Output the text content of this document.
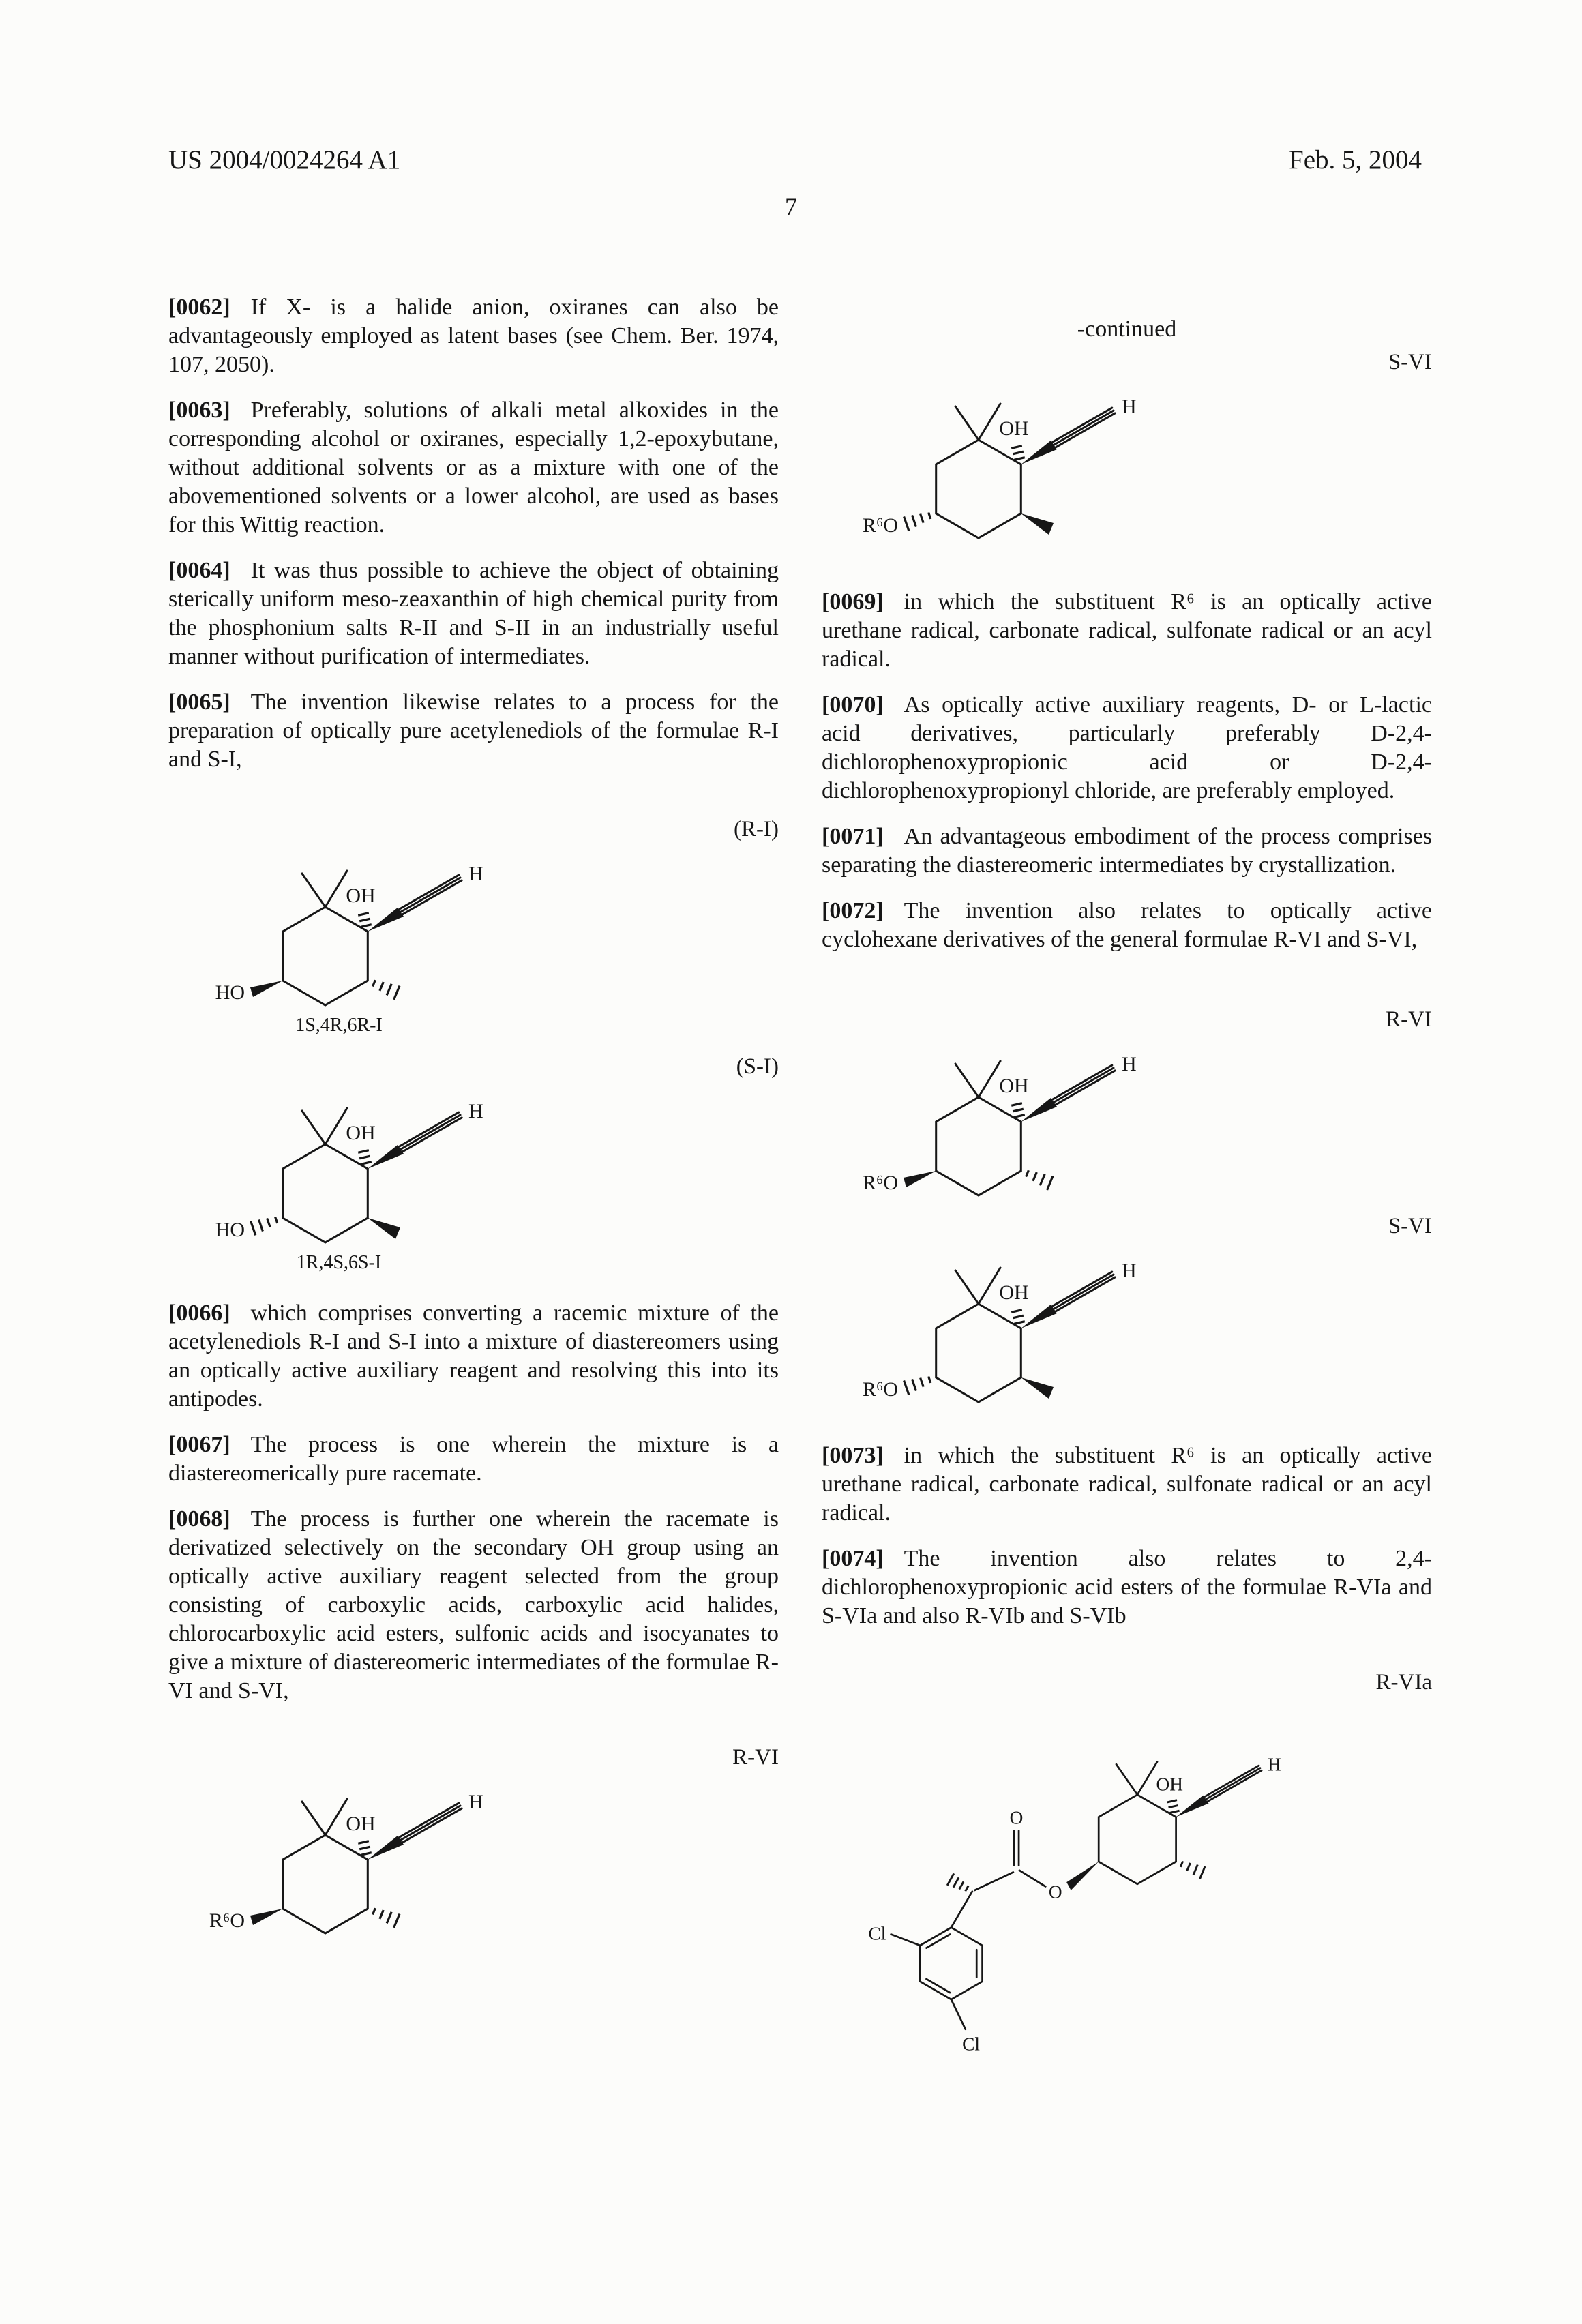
US 2004/0024264 A1	Feb. 5, 2004
7

[0062] If X- is a halide anion, oxiranes can also be advantageously employed as latent bases (see Chem. Ber. 1974, 107, 2050).

[0063] Preferably, solutions of alkali metal alkoxides in the corresponding alcohol or oxiranes, especially 1,2-epoxybutane, without additional solvents or as a mixture with one of the abovementioned solvents or a lower alcohol, are used as bases for this Wittig reaction.

[0064] It was thus possible to achieve the object of obtaining sterically uniform meso-zeaxanthin of high chemical purity from the phosphonium salts R-II and S-II in an industrially useful manner without purification of intermediates.

[0065] The invention likewise relates to a process for the preparation of optically pure acetylenediols of the formulae R-I and S-I,

(R-I)
OH
H
HO
1S,4R,6R-I
(S-I)
OH
H
HO
1R,4S,6S-I

[0066] which comprises converting a racemic mixture of the acetylenediols R-I and S-I into a mixture of diastereomers using an optically active auxiliary reagent and resolving this into its antipodes.

[0067] The process is one wherein the mixture is a diastereomerically pure racemate.

[0068] The process is further one wherein the racemate is derivatized selectively on the secondary OH group using an optically active auxiliary reagent selected from the group consisting of carboxylic acids, carboxylic acid halides, chlorocarboxylic acid esters, sulfonic acids and isocyanates to give a mixture of diastereomeric intermediates of the formulae R-VI and S-VI,

R-VI
OH
H
R⁶O
-continued
S-VI
OH
H
R⁶O

[0069] in which the substituent R⁶ is an optically active urethane radical, carbonate radical, sulfonate radical or an acyl radical.

[0070] As optically active auxiliary reagents, D- or L-lactic acid derivatives, particularly preferably D-2,4-dichlorophenoxypropionic acid or D-2,4-dichlorophenoxypropionyl chloride, are preferably employed.

[0071] An advantageous embodiment of the process comprises separating the diastereomeric intermediates by crystallization.

[0072] The invention also relates to optically active cyclohexane derivatives of the general formulae R-VI and S-VI,

R-VI
OH
H
R⁶O
S-VI
OH
H
R⁶O

[0073] in which the substituent R⁶ is an optically active urethane radical, carbonate radical, sulfonate radical or an acyl radical.

[0074] The invention also relates to 2,4-dichlorophenoxypropionic acid esters of the formulae R-VIa and S-VIa and also R-VIb and S-VIb

R-VIa
OH
H
O
O
Cl
Cl
